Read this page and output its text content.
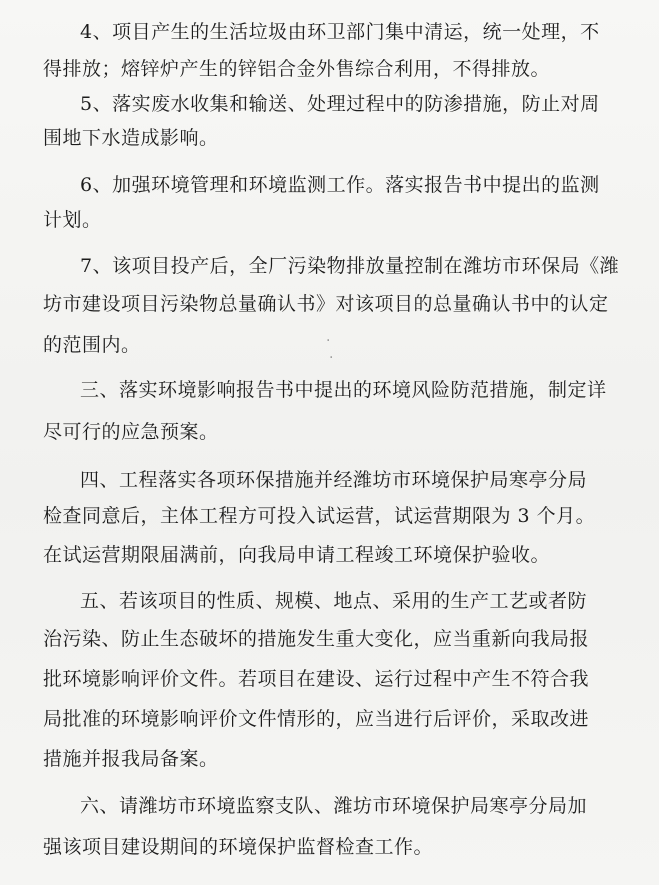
4、项目产生的生活垃圾由环卫部门集中清运，统一处理，不
得排放；熔锌炉产生的锌铝合金外售综合利用，不得排放。
5、落实废水收集和输送、处理过程中的防渗措施，防止对周
围地下水造成影响。
6、加强环境管理和环境监测工作。落实报告书中提出的监测
计划。
7、该项目投产后，全厂污染物排放量控制在潍坊市环保局《潍
坊市建设项目污染物总量确认书》对该项目的总量确认书中的认定
的范围内。
三、落实环境影响报告书中提出的环境风险防范措施，制定详
尽可行的应急预案。
四、工程落实各项环保措施并经潍坊市环境保护局寒亭分局
检查同意后，主体工程方可投入试运营，试运营期限为 3 个月。
在试运营期限届满前，向我局申请工程竣工环境保护验收。
五、若该项目的性质、规模、地点、采用的生产工艺或者防
治污染、防止生态破坏的措施发生重大变化，应当重新向我局报
批环境影响评价文件。若项目在建设、运行过程中产生不符合我
局批准的环境影响评价文件情形的，应当进行后评价，采取改进
措施并报我局备案。
六、请潍坊市环境监察支队、潍坊市环境保护局寒亭分局加
强该项目建设期间的环境保护监督检查工作。
·
·
